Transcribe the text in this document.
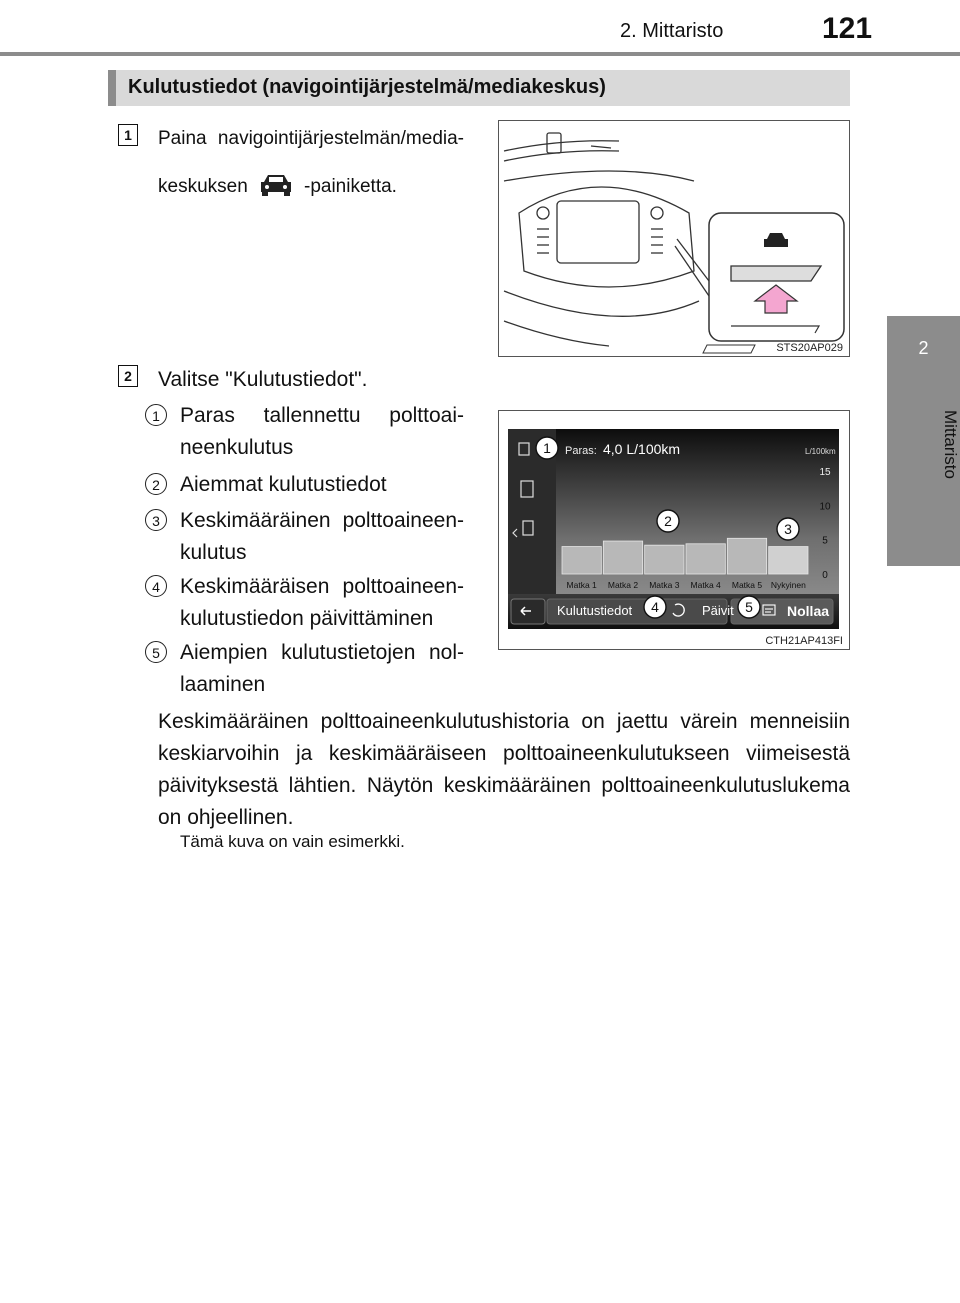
2. Mittaristo	121
2
Mittaristo
Kulutustiedot (navigointijärjestelmä/mediakeskus)
1	Paina navigointijärjestelmän/media-
keskuksen	-painiketta.
STS20AP029
2 Valitse "Kulutustiedot".
1 Paras tallennettu polttoai-
neenkulutus
2 Aiemmat kulutustiedot
3 Keskimääräinen polttoaineen-
kulutus
4 Keskimääräisen polttoaineen-
kulutustiedon päivittäminen
5 Aiempien kulutustietojen nol-
laaminen
15
10
5
0
Matka 1 Matka 2 Matka 3 Matka 4 Matka 5 Nykyinen
Paras: 4,0 L/100km	L/100km
Kulutustiedot	Päivit	Nollaa
1
2	3
4	5
CTH21AP413FI
Keskimääräinen polttoaineenkulutushistoria on jaettu värein menneisiin keskiarvoihin ja keskimääräiseen polttoaineenkulutukseen viimeisestä päivityksestä lähtien. Näytön keskimääräinen polttoaineenkulutuslukema on ohjeellinen.
Tämä kuva on vain esimerkki.
